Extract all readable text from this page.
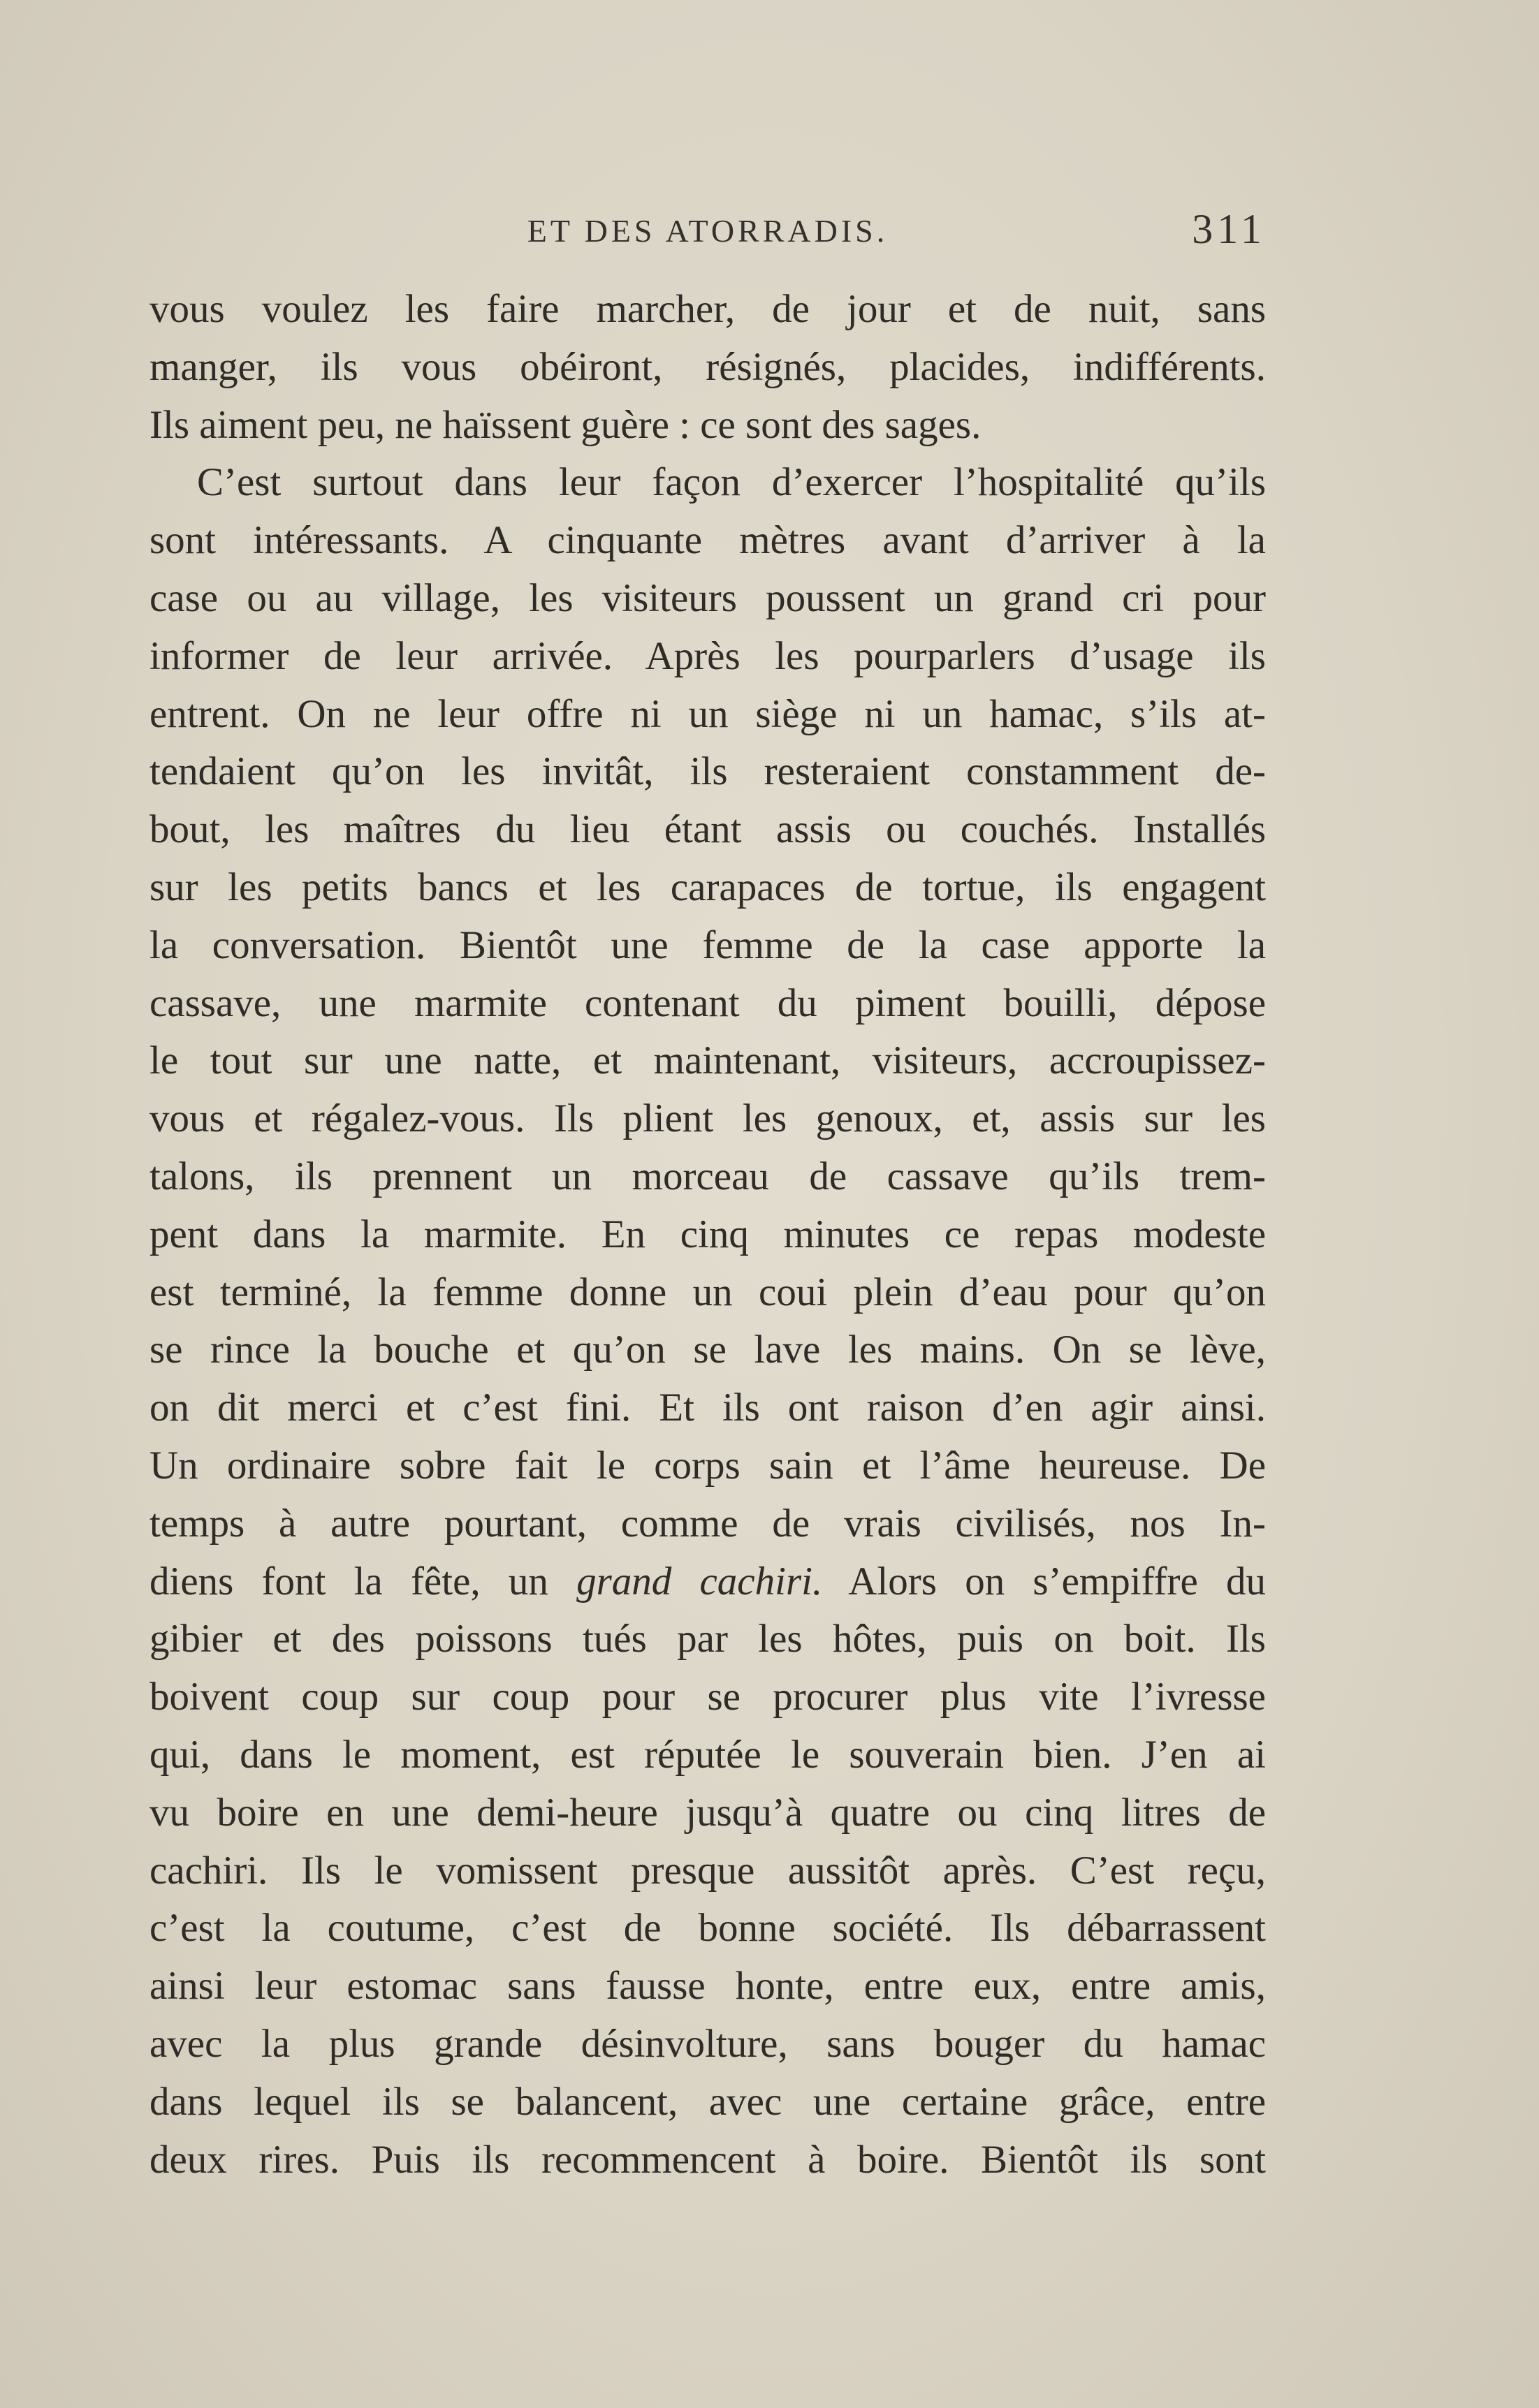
ET DES ATORRADIS.	311
vous voulez les faire marcher, de jour et de nuit, sans
manger, ils vous obéiront, résignés, placides, indifférents.
Ils aiment peu, ne haïssent guère : ce sont des sages.
C’est surtout dans leur façon d’exercer l’hospitalité qu’ils
sont intéressants. A cinquante mètres avant d’arriver à la
case ou au village, les visiteurs poussent un grand cri pour
informer de leur arrivée. Après les pourparlers d’usage ils
entrent. On ne leur offre ni un siège ni un hamac, s’ils at-
tendaient qu’on les invitât, ils resteraient constamment de-
bout, les maîtres du lieu étant assis ou couchés. Installés
sur les petits bancs et les carapaces de tortue, ils engagent
la conversation. Bientôt une femme de la case apporte la
cassave, une marmite contenant du piment bouilli, dépose
le tout sur une natte, et maintenant, visiteurs, accroupissez-
vous et régalez-vous. Ils plient les genoux, et, assis sur les
talons, ils prennent un morceau de cassave qu’ils trem-
pent dans la marmite. En cinq minutes ce repas modeste
est terminé, la femme donne un coui plein d’eau pour qu’on
se rince la bouche et qu’on se lave les mains. On se lève,
on dit merci et c’est fini. Et ils ont raison d’en agir ainsi.
Un ordinaire sobre fait le corps sain et l’âme heureuse. De
temps à autre pourtant, comme de vrais civilisés, nos In-
diens font la fête, un grand cachiri. Alors on s’empiffre du
gibier et des poissons tués par les hôtes, puis on boit. Ils
boivent coup sur coup pour se procurer plus vite l’ivresse
qui, dans le moment, est réputée le souverain bien. J’en ai
vu boire en une demi-heure jusqu’à quatre ou cinq litres de
cachiri. Ils le vomissent presque aussitôt après. C’est reçu,
c’est la coutume, c’est de bonne société. Ils débarrassent
ainsi leur estomac sans fausse honte, entre eux, entre amis,
avec la plus grande désinvolture, sans bouger du hamac
dans lequel ils se balancent, avec une certaine grâce, entre
deux rires. Puis ils recommencent à boire. Bientôt ils sont
